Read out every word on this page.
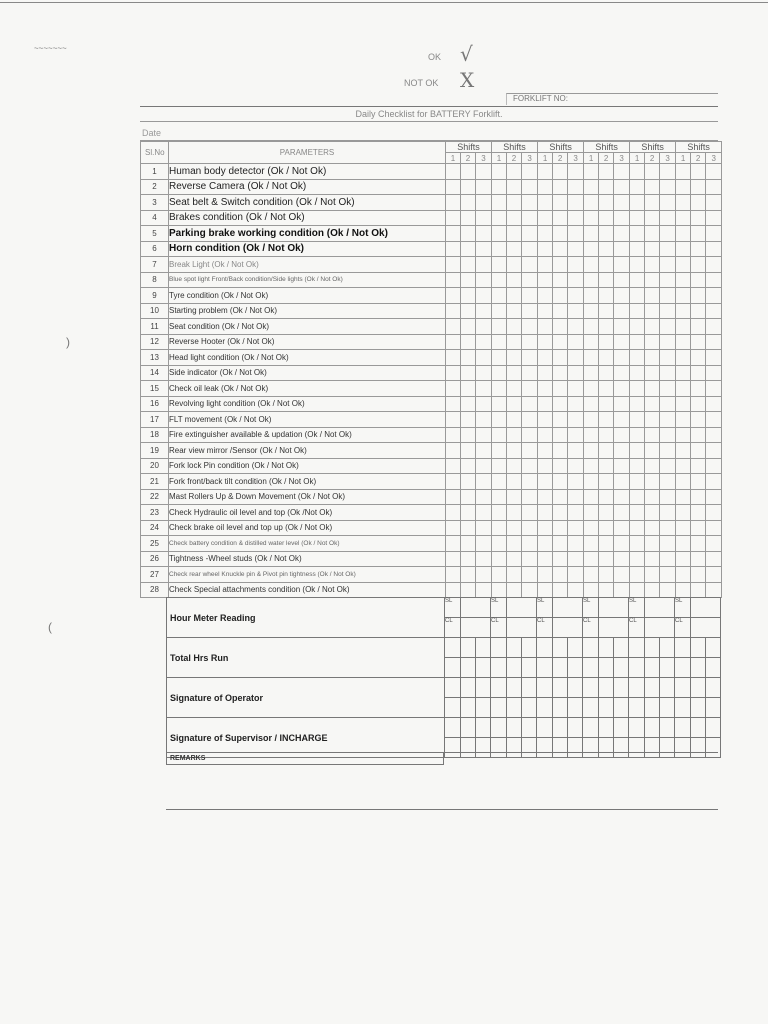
OK √
NOT OK X
FORKLIFT NO:
Daily Checklist for BATTERY Forklift.
Date
Sl.No	PARAMETERS	Shifts			Shifts			Shifts			Shifts			Shifts			Shifts		
		1	2	3	1	2	3	1	2	3	1	2	3	1	2	3	1	2	3
1	Human body detector (Ok / Not Ok)																		
2	Reverse Camera (Ok / Not Ok)																		
3	Seat belt & Switch condition (Ok / Not Ok)																		
4	Brakes condition (Ok / Not Ok)																		
5	Parking brake working condition (Ok / Not Ok)																		
6	Horn condition (Ok / Not Ok)																		
7	Break Light (Ok / Not Ok)																		
8	Blue spot light Front/Back condition/Side lights (Ok / Not Ok)																		
9	Tyre condition (Ok / Not Ok)																		
10	Starting problem (Ok / Not Ok)																		
11	Seat condition (Ok / Not Ok)																		
12	Reverse Hooter (Ok / Not Ok)																		
13	Head light condition (Ok / Not Ok)																		
14	Side indicator (Ok / Not Ok)																		
15	Check oil leak (Ok / Not Ok)																		
16	Revolving light condition (Ok / Not Ok)																		
17	FLT movement (Ok / Not Ok)																		
18	Fire extinguisher available & updation (Ok / Not Ok)																		
19	Rear view mirror /Sensor (Ok / Not Ok)																		
20	Fork lock Pin condition (Ok / Not Ok)																		
21	Fork front/back tilt condition (Ok / Not Ok)																		
22	Mast Rollers Up & Down Movement (Ok / Not Ok)																		
23	Check Hydraulic oil level and top (Ok /Not Ok)																		
24	Check brake oil level and top up (Ok / Not Ok)																		
25	Check battery condition & distilled water level (Ok / Not Ok)																		
26	Tightness -Wheel studs (Ok / Not Ok)																		
27	Check rear wheel Knuckle pin & Pivot pin tightness (Ok / Not Ok)																		
28	Check Special attachments condition (Ok / Not Ok)																		
Hour Meter Reading	SL			SL			SL			SL			SL			SL		
	CL			CL			CL			CL			CL			CL		
Total Hrs Run																		

Signature of Operator																		

Signature of Supervisor / INCHARGE																		

REMARKS
~~~~~~~
)
(
